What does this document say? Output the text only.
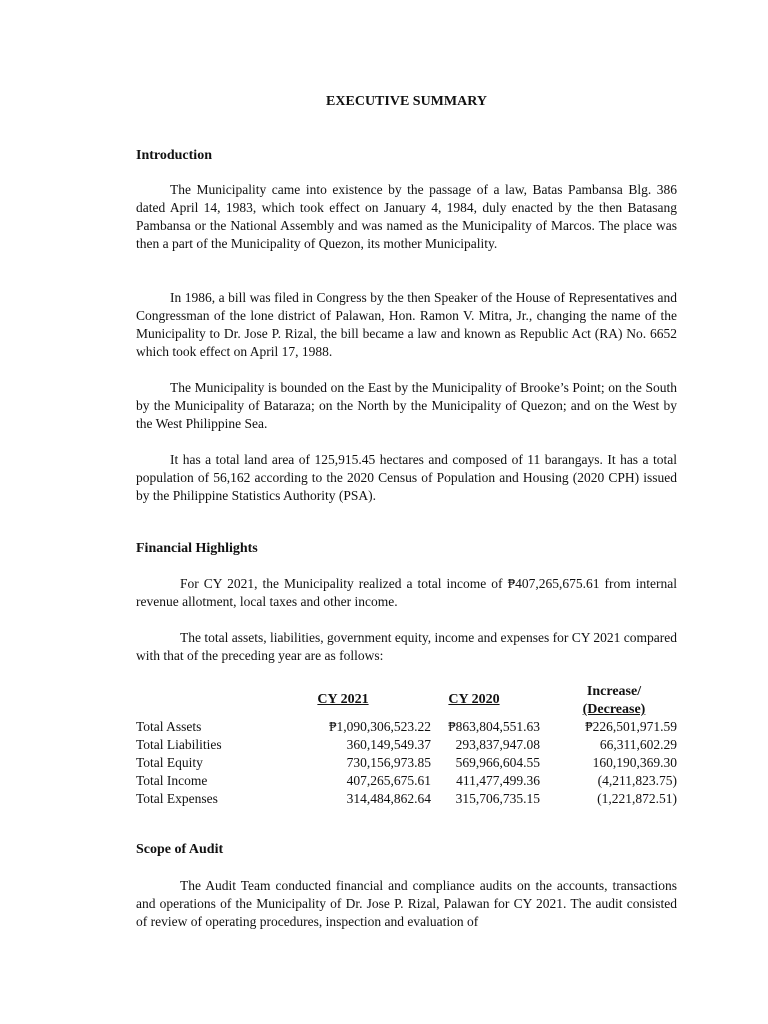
EXECUTIVE SUMMARY
Introduction

The Municipality came into existence by the passage of a law, Batas Pambansa Blg. 386 dated April 14, 1983, which took effect on January 4, 1984, duly enacted by the then Batasang Pambansa or the National Assembly and was named as the Municipality of Marcos. The place was then a part of the Municipality of Quezon, its mother Municipality.

In 1986, a bill was filed in Congress by the then Speaker of the House of Representatives and Congressman of the lone district of Palawan, Hon. Ramon V. Mitra, Jr., changing the name of the Municipality to Dr. Jose P. Rizal, the bill became a law and known as Republic Act (RA) No. 6652 which took effect on April 17, 1988.

The Municipality is bounded on the East by the Municipality of Brooke’s Point; on the South by the Municipality of Bataraza; on the North by the Municipality of Quezon; and on the West by the West Philippine Sea.

It has a total land area of 125,915.45 hectares and composed of 11 barangays. It has a total population of 56,162 according to the 2020 Census of Population and Housing (2020 CPH) issued by the Philippine Statistics Authority (PSA).

Financial Highlights

For CY 2021, the Municipality realized a total income of ₱407,265,675.61 from internal revenue allotment, local taxes and other income.

The total assets, liabilities, government equity, income and expenses for CY 2021 compared with that of the preceding year are as follows:

CY 2021	CY 2020
Increase/
(Decrease)
Total Assets	₱1,090,306,523.22 ₱863,804,551.63	₱226,501,971.59
Total Liabilities	360,149,549.37 293,837,947.08	66,311,602.29
Total Equity	730,156,973.85 569,966,604.55	160,190,369.30
Total Income	407,265,675.61 411,477,499.36	(4,211,823.75)
Total Expenses	314,484,862.64 315,706,735.15	(1,221,872.51)
Scope of Audit

The Audit Team conducted financial and compliance audits on the accounts, transactions and operations of the Municipality of Dr. Jose P. Rizal, Palawan for CY 2021. The audit consisted of review of operating procedures, inspection and evaluation of
